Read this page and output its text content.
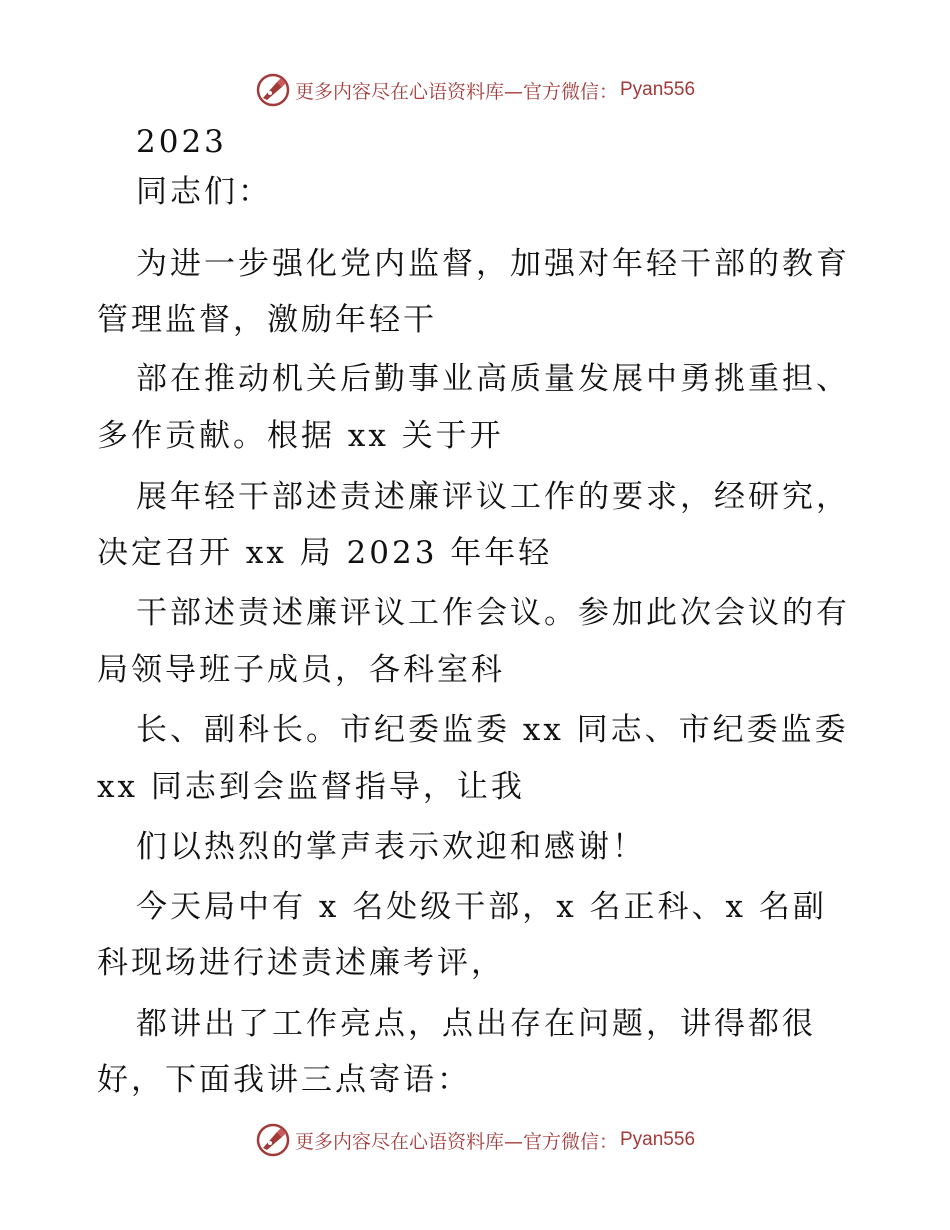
更多内容尽在心语资料库—官方微信： Pyan556
2023
同志们：
为进一步强化党内监督，加强对年轻干部的教育
管理监督，激励年轻干
部在推动机关后勤事业高质量发展中勇挑重担、
多作贡献。根据 xx 关于开
展年轻干部述责述廉评议工作的要求，经研究，
决定召开 xx 局 2023 年年轻
干部述责述廉评议工作会议。参加此次会议的有
局领导班子成员，各科室科
长、副科长。市纪委监委 xx 同志、市纪委监委
xx 同志到会监督指导，让我
们以热烈的掌声表示欢迎和感谢！
今天局中有 x 名处级干部，x 名正科、x 名副
科现场进行述责述廉考评，
都讲出了工作亮点，点出存在问题，讲得都很
好，下面我讲三点寄语：
更多内容尽在心语资料库—官方微信： Pyan556
